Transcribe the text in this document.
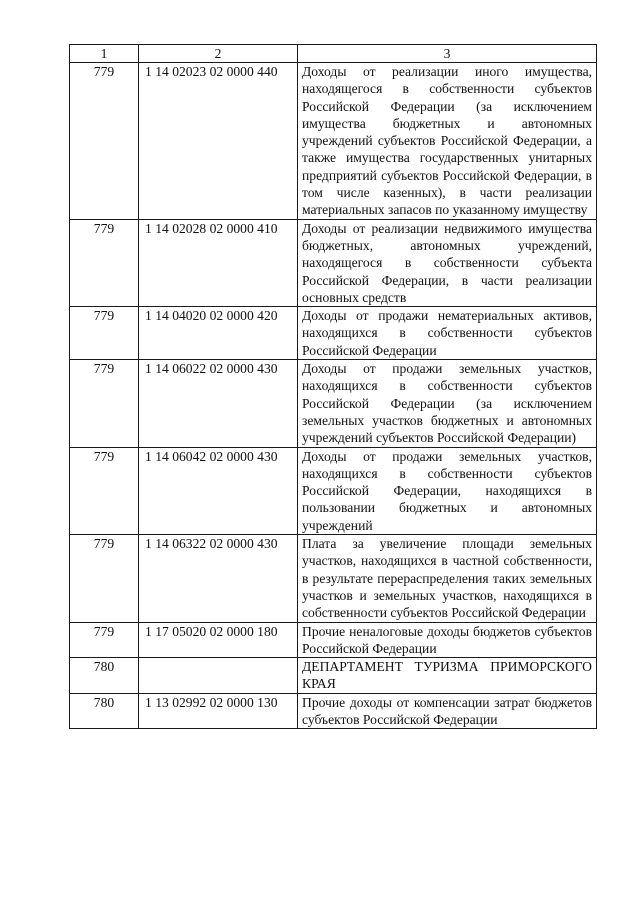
1	2	3
779	1 14 02023 02 0000 440	Доходы от реализации иного имущества, находящегося в собственности субъектов Российской Федерации (за исключением имущества бюджетных и автономных учреждений субъектов Российской Федерации, а также имущества государственных унитарных предприятий субъектов Российской Федерации, в том числе казенных), в части реализации материальных запасов по указанному имуществу
779	1 14 02028 02 0000 410	Доходы от реализации недвижимого имущества бюджетных, автономных учреждений, находящегося в собственности субъекта Российской Федерации, в части реализации основных средств
779	1 14 04020 02 0000 420	Доходы от продажи нематериальных активов, находящихся в собственности субъектов Российской Федерации
779	1 14 06022 02 0000 430	Доходы от продажи земельных участков, находящихся в собственности субъектов Российской Федерации (за исключением земельных участков бюджетных и автономных учреждений субъектов Российской Федерации)
779	1 14 06042 02 0000 430	Доходы от продажи земельных участков, находящихся в собственности субъектов Российской Федерации, находящихся в пользовании бюджетных и автономных учреждений
779	1 14 06322 02 0000 430	Плата за увеличение площади земельных участков, находящихся в частной собственности, в результате перераспределения таких земельных участков и земельных участков, находящихся в собственности субъектов Российской Федерации
779	1 17 05020 02 0000 180	Прочие неналоговые доходы бюджетов субъектов Российской Федерации
780		ДЕПАРТАМЕНТ ТУРИЗМА ПРИМОРСКОГО КРАЯ
780	1 13 02992 02 0000 130	Прочие доходы от компенсации затрат бюджетов субъектов Российской Федерации
